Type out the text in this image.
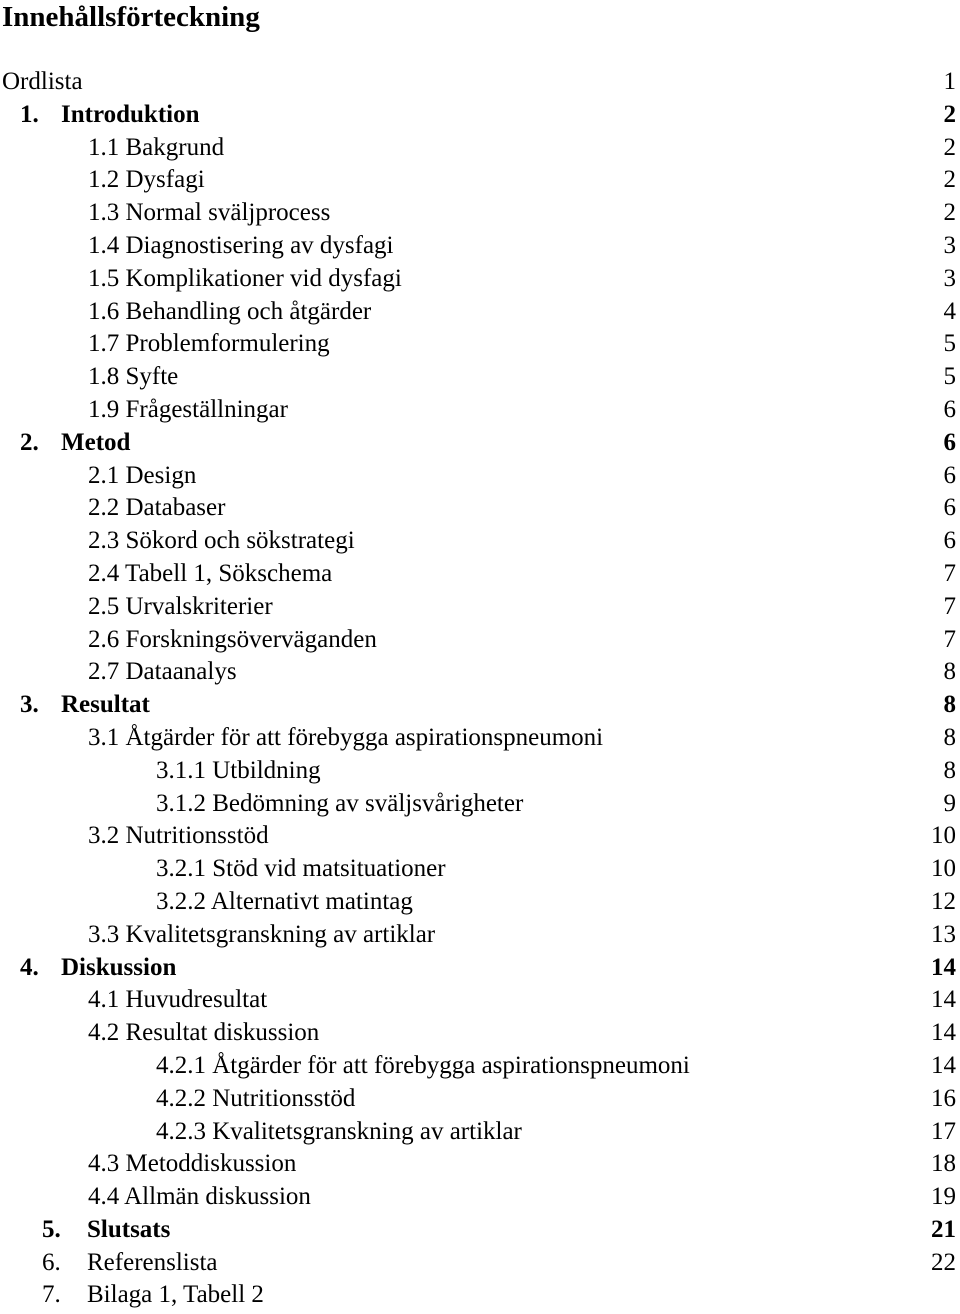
Innehållsförteckning
Ordlista	1
1. Introduktion	2
1.1 Bakgrund	2
1.2 Dysfagi	2
1.3 Normal sväljprocess	2
1.4 Diagnostisering av dysfagi	3
1.5 Komplikationer vid dysfagi	3
1.6 Behandling och åtgärder	4
1.7 Problemformulering	5
1.8 Syfte	5
1.9 Frågeställningar	6
2. Metod	6
2.1 Design	6
2.2 Databaser	6
2.3 Sökord och sökstrategi	6
2.4 Tabell 1, Sökschema	7
2.5 Urvalskriterier	7
2.6 Forskningsöverväganden	7
2.7 Dataanalys	8
3. Resultat	8
3.1 Åtgärder för att förebygga aspirationspneumoni	8
3.1.1 Utbildning	8
3.1.2 Bedömning av sväljsvårigheter	9
3.2 Nutritionsstöd	10
3.2.1 Stöd vid matsituationer	10
3.2.2 Alternativt matintag	12
3.3 Kvalitetsgranskning av artiklar	13
4. Diskussion	14
4.1 Huvudresultat	14
4.2 Resultat diskussion	14
4.2.1 Åtgärder för att förebygga aspirationspneumoni	14
4.2.2 Nutritionsstöd	16
4.2.3 Kvalitetsgranskning av artiklar	17
4.3 Metoddiskussion	18
4.4 Allmän diskussion	19
5. Slutsats	21
6. Referenslista	22
7. Bilaga 1, Tabell 2
